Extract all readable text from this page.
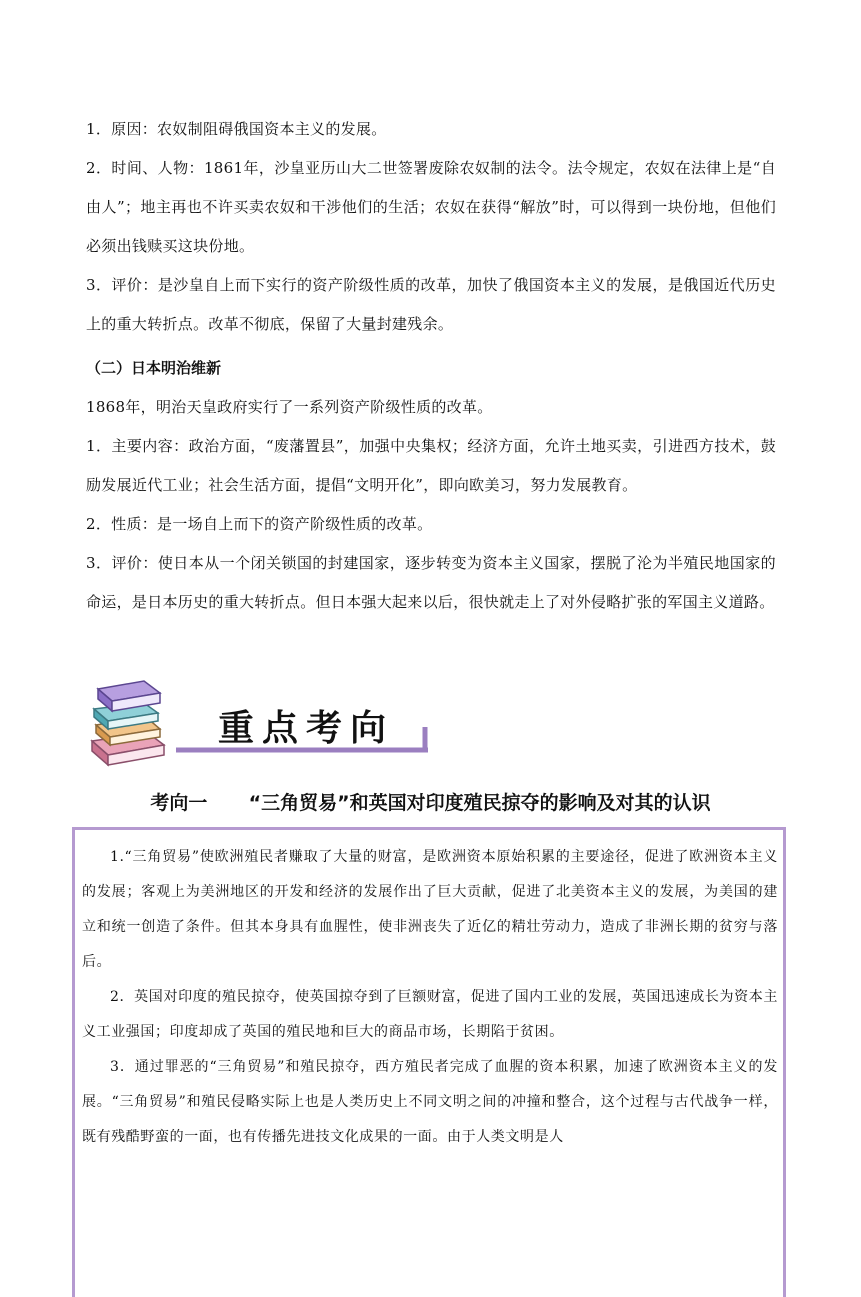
1．原因：农奴制阻碍俄国资本主义的发展。

2．时间、人物：1861年，沙皇亚历山大二世签署废除农奴制的法令。法令规定，农奴在法律上是“自由人”；地主再也不许买卖农奴和干涉他们的生活；农奴在获得“解放”时，可以得到一块份地，但他们必须出钱赎买这块份地。

3．评价：是沙皇自上而下实行的资产阶级性质的改革，加快了俄国资本主义的发展，是俄国近代历史上的重大转折点。改革不彻底，保留了大量封建残余。

（二）日本明治维新

1868年，明治天皇政府实行了一系列资产阶级性质的改革。

1．主要内容：政治方面，“废藩置县”，加强中央集权；经济方面，允许土地买卖，引进西方技术，鼓励发展近代工业；社会生活方面，提倡“文明开化”，即向欧美习，努力发展教育。

2．性质：是一场自上而下的资产阶级性质的改革。

3．评价：使日本从一个闭关锁国的封建国家，逐步转变为资本主义国家，摆脱了沦为半殖民地国家的命运，是日本历史的重大转折点。但日本强大起来以后，很快就走上了对外侵略扩张的军国主义道路。

重点考向
考向一 “三角贸易”和英国对印度殖民掠夺的影响及对其的认识

1.“三角贸易”使欧洲殖民者赚取了大量的财富，是欧洲资本原始积累的主要途径，促进了欧洲资本主义的发展；客观上为美洲地区的开发和经济的发展作出了巨大贡献，促进了北美资本主义的发展，为美国的建立和统一创造了条件。但其本身具有血腥性，使非洲丧失了近亿的精壮劳动力，造成了非洲长期的贫穷与落后。

2．英国对印度的殖民掠夺，使英国掠夺到了巨额财富，促进了国内工业的发展，英国迅速成长为资本主义工业强国；印度却成了英国的殖民地和巨大的商品市场，长期陷于贫困。

3．通过罪恶的“三角贸易”和殖民掠夺，西方殖民者完成了血腥的资本积累，加速了欧洲资本主义的发展。“三角贸易”和殖民侵略实际上也是人类历史上不同文明之间的冲撞和整合，这个过程与古代战争一样，既有残酷野蛮的一面，也有传播先进技文化成果的一面。由于人类文明是人
